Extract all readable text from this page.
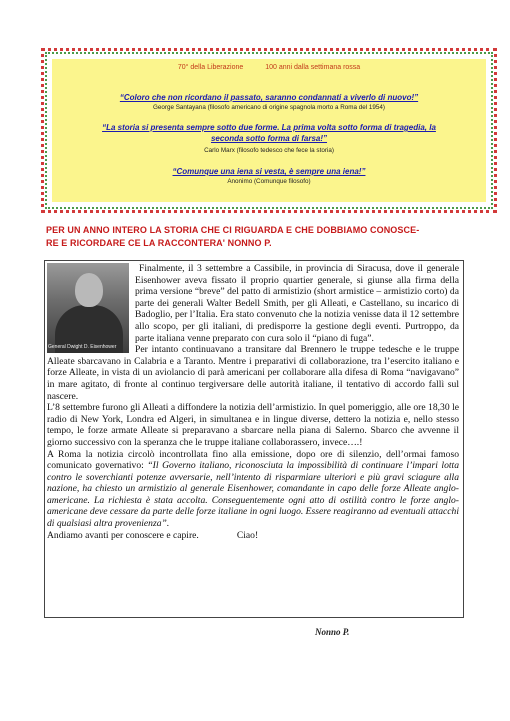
70° della Liberazione	100 anni dalla settimana rossa
“Coloro che non ricordano il passato, saranno condannati a viverlo di nuovo!”
George Santayana (filosofo americano di origine spagnola morto a Roma del 1954)
“La storia si presenta sempre sotto due forme. La prima volta sotto forma di tragedia, la
seconda sotto forma di farsa!”
Carlo Marx (filosofo tedesco che fece la storia)
“Comunque una iena si vesta, è sempre una iena!”
Anonimo (Comunque filosofo)
PER UN ANNO INTERO LA STORIA CHE CI RIGUARDA E CHE DOBBIAMO CONOSCE-
RE E RICORDARE CE LA RACCONTERA' NONNO P.
General Dwight D. Eisenhower

Finalmente, il 3 settembre a Cassibile, in provincia di Siracusa, dove il generale Eisenhower aveva fissato il proprio quartier generale, si giunse alla firma della prima versione “breve” del patto di armistizio (short armistice – armistizio corto) da parte dei generali Walter Bedell Smith, per gli Alleati, e Castellano, su incarico di Badoglio, per l’Italia. Era stato convenuto che la notizia venisse data il 12 settembre allo scopo, per gli italiani, di predisporre la gestione degli eventi. Purtroppo, da parte italiana venne preparato con cura solo il “piano di fuga”.

Per intanto continuavano a transitare dal Brennero le truppe tedesche e le truppe Alleate sbarcavano in Calabria e a Taranto. Mentre i preparativi di collaborazione, tra l’esercito italiano e forze Alleate, in vista di un aviolancio di parà americani per collaborare alla difesa di Roma “navigavano” in mare agitato, di fronte al continuo tergiversare delle autorità italiane, il tentativo di accordo fallì sul nascere.

L’8 settembre furono gli Alleati a diffondere la notizia dell’armistizio. In quel pomeriggio, alle ore 18,30 le radio di New York, Londra ed Algeri, in simultanea e in lingue diverse, dettero la notizia e, nello stesso tempo, le forze armate Alleate si preparavano a sbarcare nella piana di Salerno. Sbarco che avvenne il giorno successivo con la speranza che le truppe italiane collaborassero, invece….!

A Roma la notizia circolò incontrollata fino alla emissione, dopo ore di silenzio, dell’ormai famoso comunicato governativo: “Il Governo italiano, riconosciuta la impossibilità di continuare l’impari lotta contro le soverchianti potenze avversarie, nell’intento di risparmiare ulteriori e più gravi sciagure alla nazione, ha chiesto un armistizio al generale Eisenhower, comandante in capo delle forze Alleate anglo-americane. La richiesta è stata accolta. Conseguentemente ogni atto di ostilità contro le forze anglo-americane deve cessare da parte delle forze italiane in ogni luogo. Essere reagiranno ad eventuali attacchi di qualsiasi altra provenienza”.

Andiamo avanti per conoscere e capire.	Ciao!

Nonno P.
